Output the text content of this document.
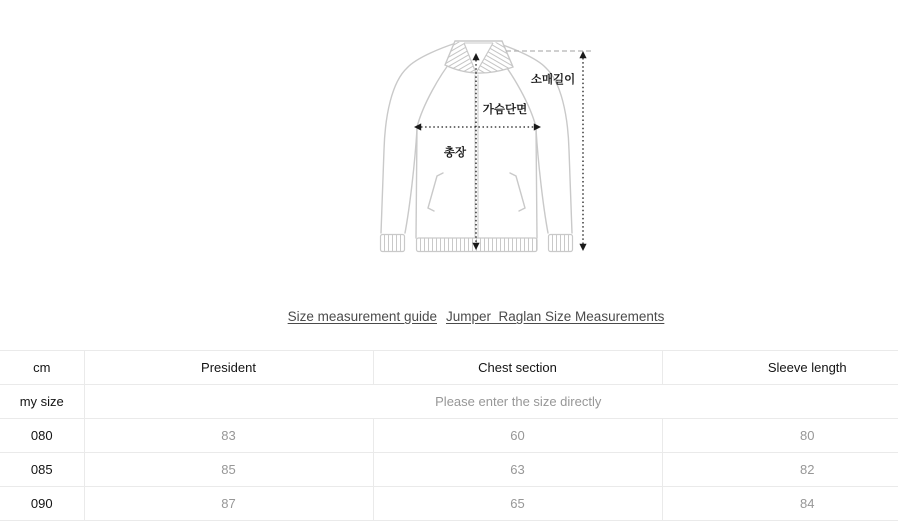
소매길이
가슴단면
총장
Size measurement guide Jumper_Raglan Size Measurements
cm	President	Chest section	Sleeve length
my size	Please enter the size directly		
080	83	60	80
085	85	63	82
090	87	65	84
